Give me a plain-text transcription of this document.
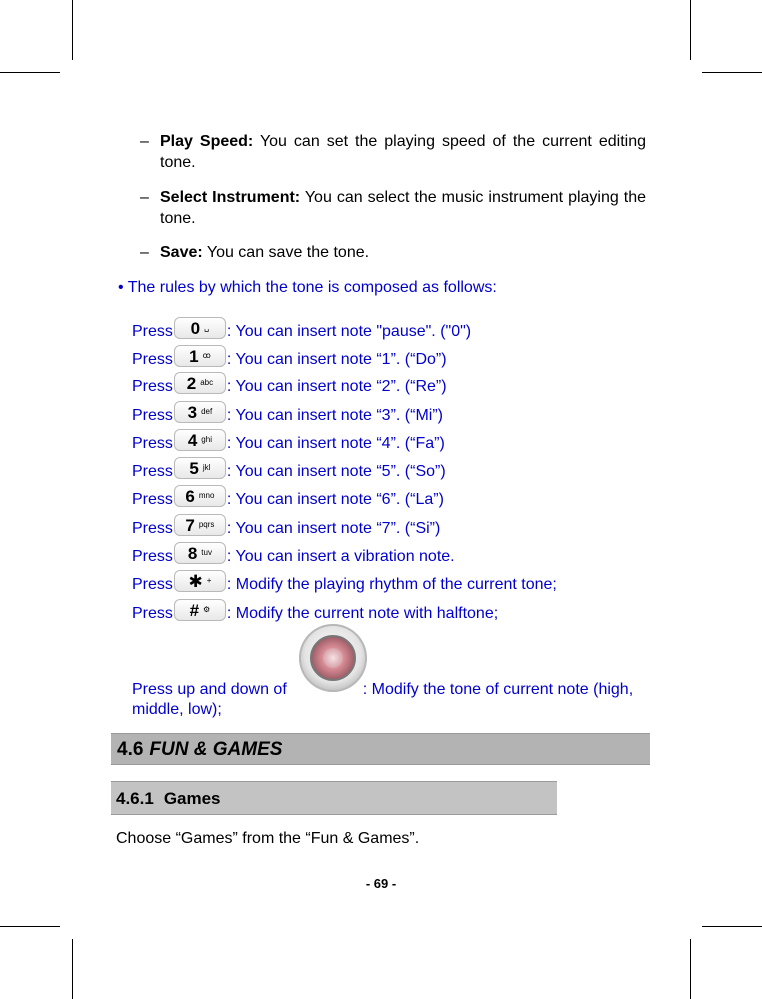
– Play Speed: You can set the playing speed of the current editing tone.
– Select Instrument: You can select the music instrument playing the tone.
– Save: You can save the tone.
• The rules by which the tone is composed as follows:
Press 0 ␣ : You can insert note "pause". ("0")
Press 1 ꝏ : You can insert note “1”. (“Do”)
Press 2 abc : You can insert note “2”. (“Re”)
Press 3 def : You can insert note “3”. (“Mi”)
Press 4 ghi : You can insert note “4”. (“Fa”)
Press 5 jkl : You can insert note “5”. (“So”)
Press 6 mno : You can insert note “6”. (“La”)
Press 7 pqrs : You can insert note “7”. (“Si”)
Press 8 tuv : You can insert a vibration note.
Press ✱ + : Modify the playing rhythm of the current tone;
Press # ⚙ : Modify the current note with halftone;
Press up and down of	: Modify the tone of current note (high, middle, low);
4.6 FUN & GAMES
4.6.1 Games
Choose “Games” from the “Fun & Games”.
- 69 -
